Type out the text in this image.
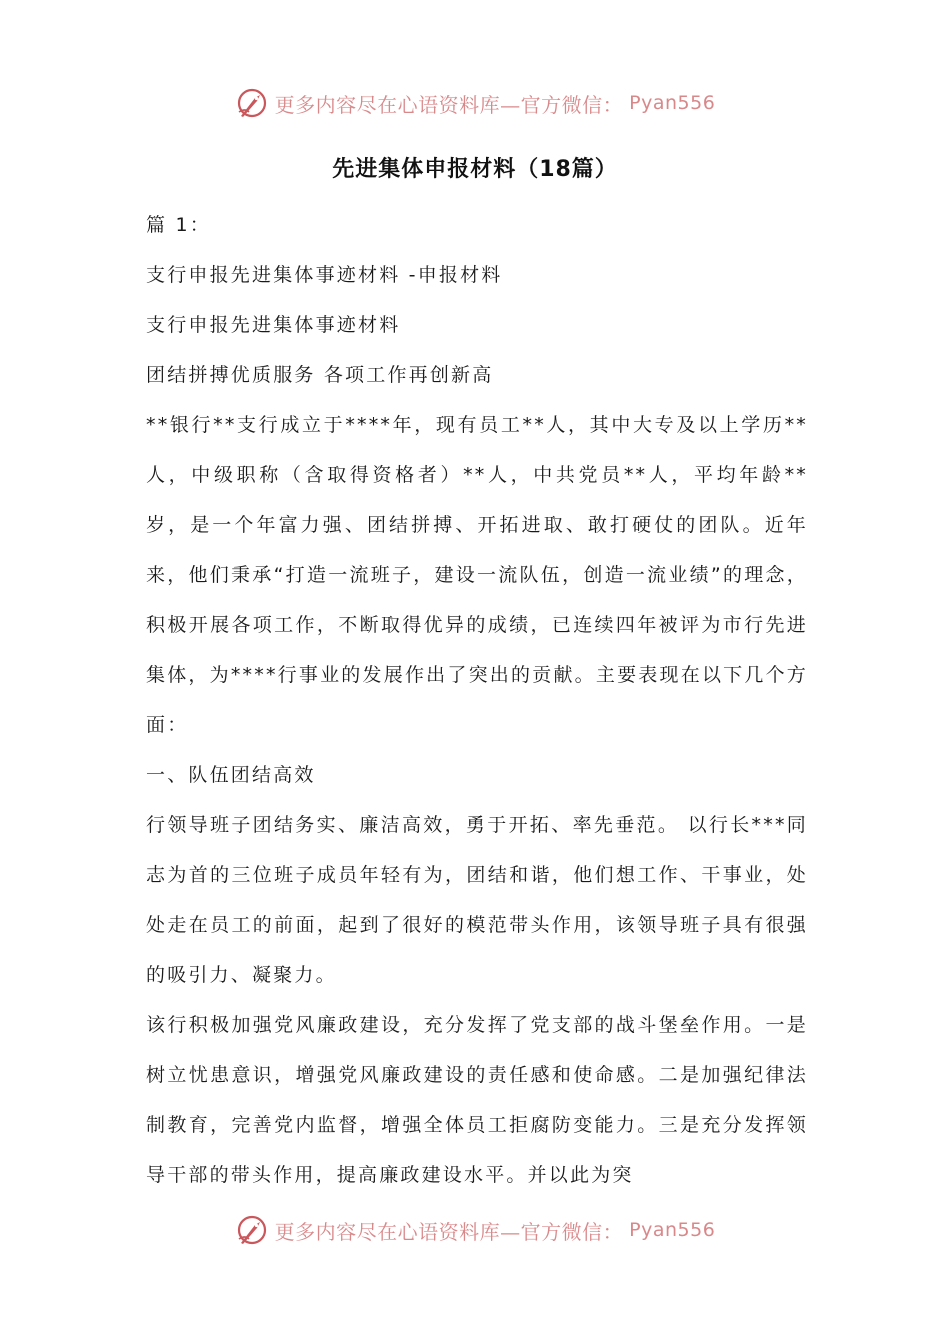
更多内容尽在心语资料库—官方微信： Pyan556
先进集体申报材料（18篇）

篇 1：

支行申报先进集体事迹材料 -申报材料

支行申报先进集体事迹材料

团结拼搏优质服务 各项工作再创新高

**银行**支行成立于****年，现有员工**人，其中大专及以上学历**人，中级职称（含取得资格者）**人，中共党员**人，平均年龄**岁，是一个年富力强、团结拼搏、开拓进取、敢打硬仗的团队。近年来，他们秉承“打造一流班子，建设一流队伍，创造一流业绩”的理念，积极开展各项工作，不断取得优异的成绩，已连续四年被评为市行先进集体，为****行事业的发展作出了突出的贡献。主要表现在以下几个方面：

一、队伍团结高效

行领导班子团结务实、廉洁高效，勇于开拓、率先垂范。 以行长***同志为首的三位班子成员年轻有为，团结和谐，他们想工作、干事业，处处走在员工的前面，起到了很好的模范带头作用，该领导班子具有很强的吸引力、凝聚力。

该行积极加强党风廉政建设，充分发挥了党支部的战斗堡垒作用。一是树立忧患意识，增强党风廉政建设的责任感和使命感。二是加强纪律法制教育，完善党内监督，增强全体员工拒腐防变能力。三是充分发挥领导干部的带头作用，提高廉政建设水平。并以此为突

更多内容尽在心语资料库—官方微信： Pyan556
